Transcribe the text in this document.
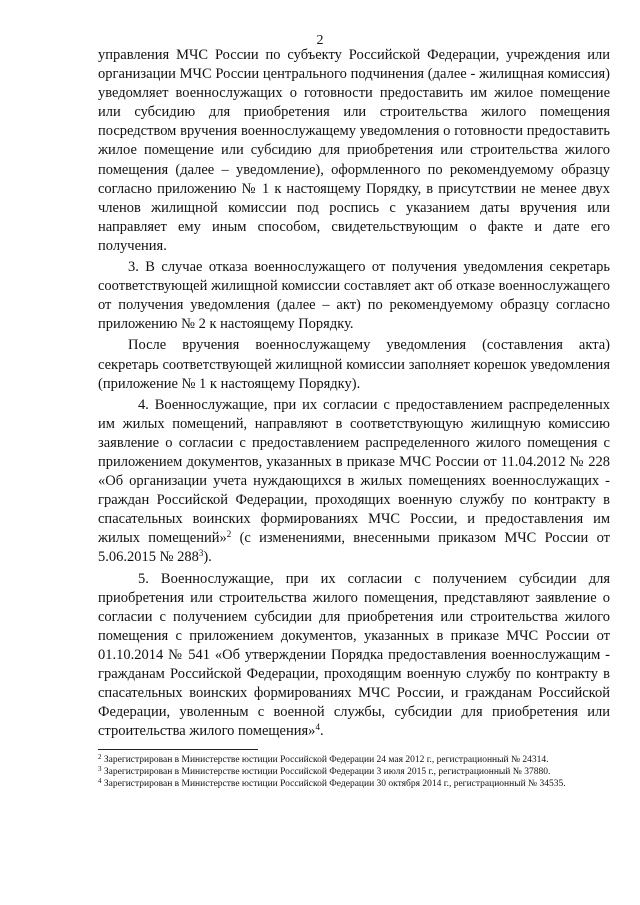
2

управления МЧС России по субъекту Российской Федерации, учреждения или организации МЧС России центрального подчинения (далее - жилищная комиссия) уведомляет военнослужащих о готовности предоставить им жилое помещение или субсидию для приобретения или строительства жилого помещения посредством вручения военнослужащему уведомления о готовности предоставить жилое помещение или субсидию для приобретения или строительства жилого помещения (далее – уведомление), оформленного по рекомендуемому образцу согласно приложению № 1 к настоящему Порядку, в присутствии не менее двух членов жилищной комиссии под роспись с указанием даты вручения или направляет ему иным способом, свидетельствующим о факте и дате его получения.

3. В случае отказа военнослужащего от получения уведомления секретарь соответствующей жилищной комиссии составляет акт об отказе военнослужащего от получения уведомления (далее – акт) по рекомендуемому образцу согласно приложению № 2 к настоящему Порядку.

После вручения военнослужащему уведомления (составления акта) секретарь соответствующей жилищной комиссии заполняет корешок уведомления (приложение № 1 к настоящему Порядку).

4. Военнослужащие, при их согласии с предоставлением распределенных им жилых помещений, направляют в соответствующую жилищную комиссию заявление о согласии с предоставлением распределенного жилого помещения с приложением документов, указанных в приказе МЧС России от 11.04.2012 № 228 «Об организации учета нуждающихся в жилых помещениях военнослужащих - граждан Российской Федерации, проходящих военную службу по контракту в спасательных воинских формированиях МЧС России, и предоставления им жилых помещений»$^2$ (с изменениями, внесенными приказом МЧС России от 5.06.2015 № $288^3$).

5. Военнослужащие, при их согласии с получением субсидии для приобретения или строительства жилого помещения, представляют заявление о согласии с получением субсидии для приобретения или строительства жилого помещения с приложением документов, указанных в приказе МЧС России от 01.10.2014 № 541 «Об утверждении Порядка предоставления военнослужащим - гражданам Российской Федерации, проходящим военную службу по контракту в спасательных воинских формированиях МЧС России, и гражданам Российской Федерации, уволенным с военной службы, субсидии для приобретения или строительства жилого помещения»$^4$.

$^2$ Зарегистрирован в Министерстве юстиции Российской Федерации 24 мая 2012 г., регистрационный № 24314.

$^3$ Зарегистрирован в Министерстве юстиции Российской Федерации 3 июля 2015 г., регистрационный № 37880.

$^4$ Зарегистрирован в Министерстве юстиции Российской Федерации 30 октября 2014 г., регистрационный № 34535.
